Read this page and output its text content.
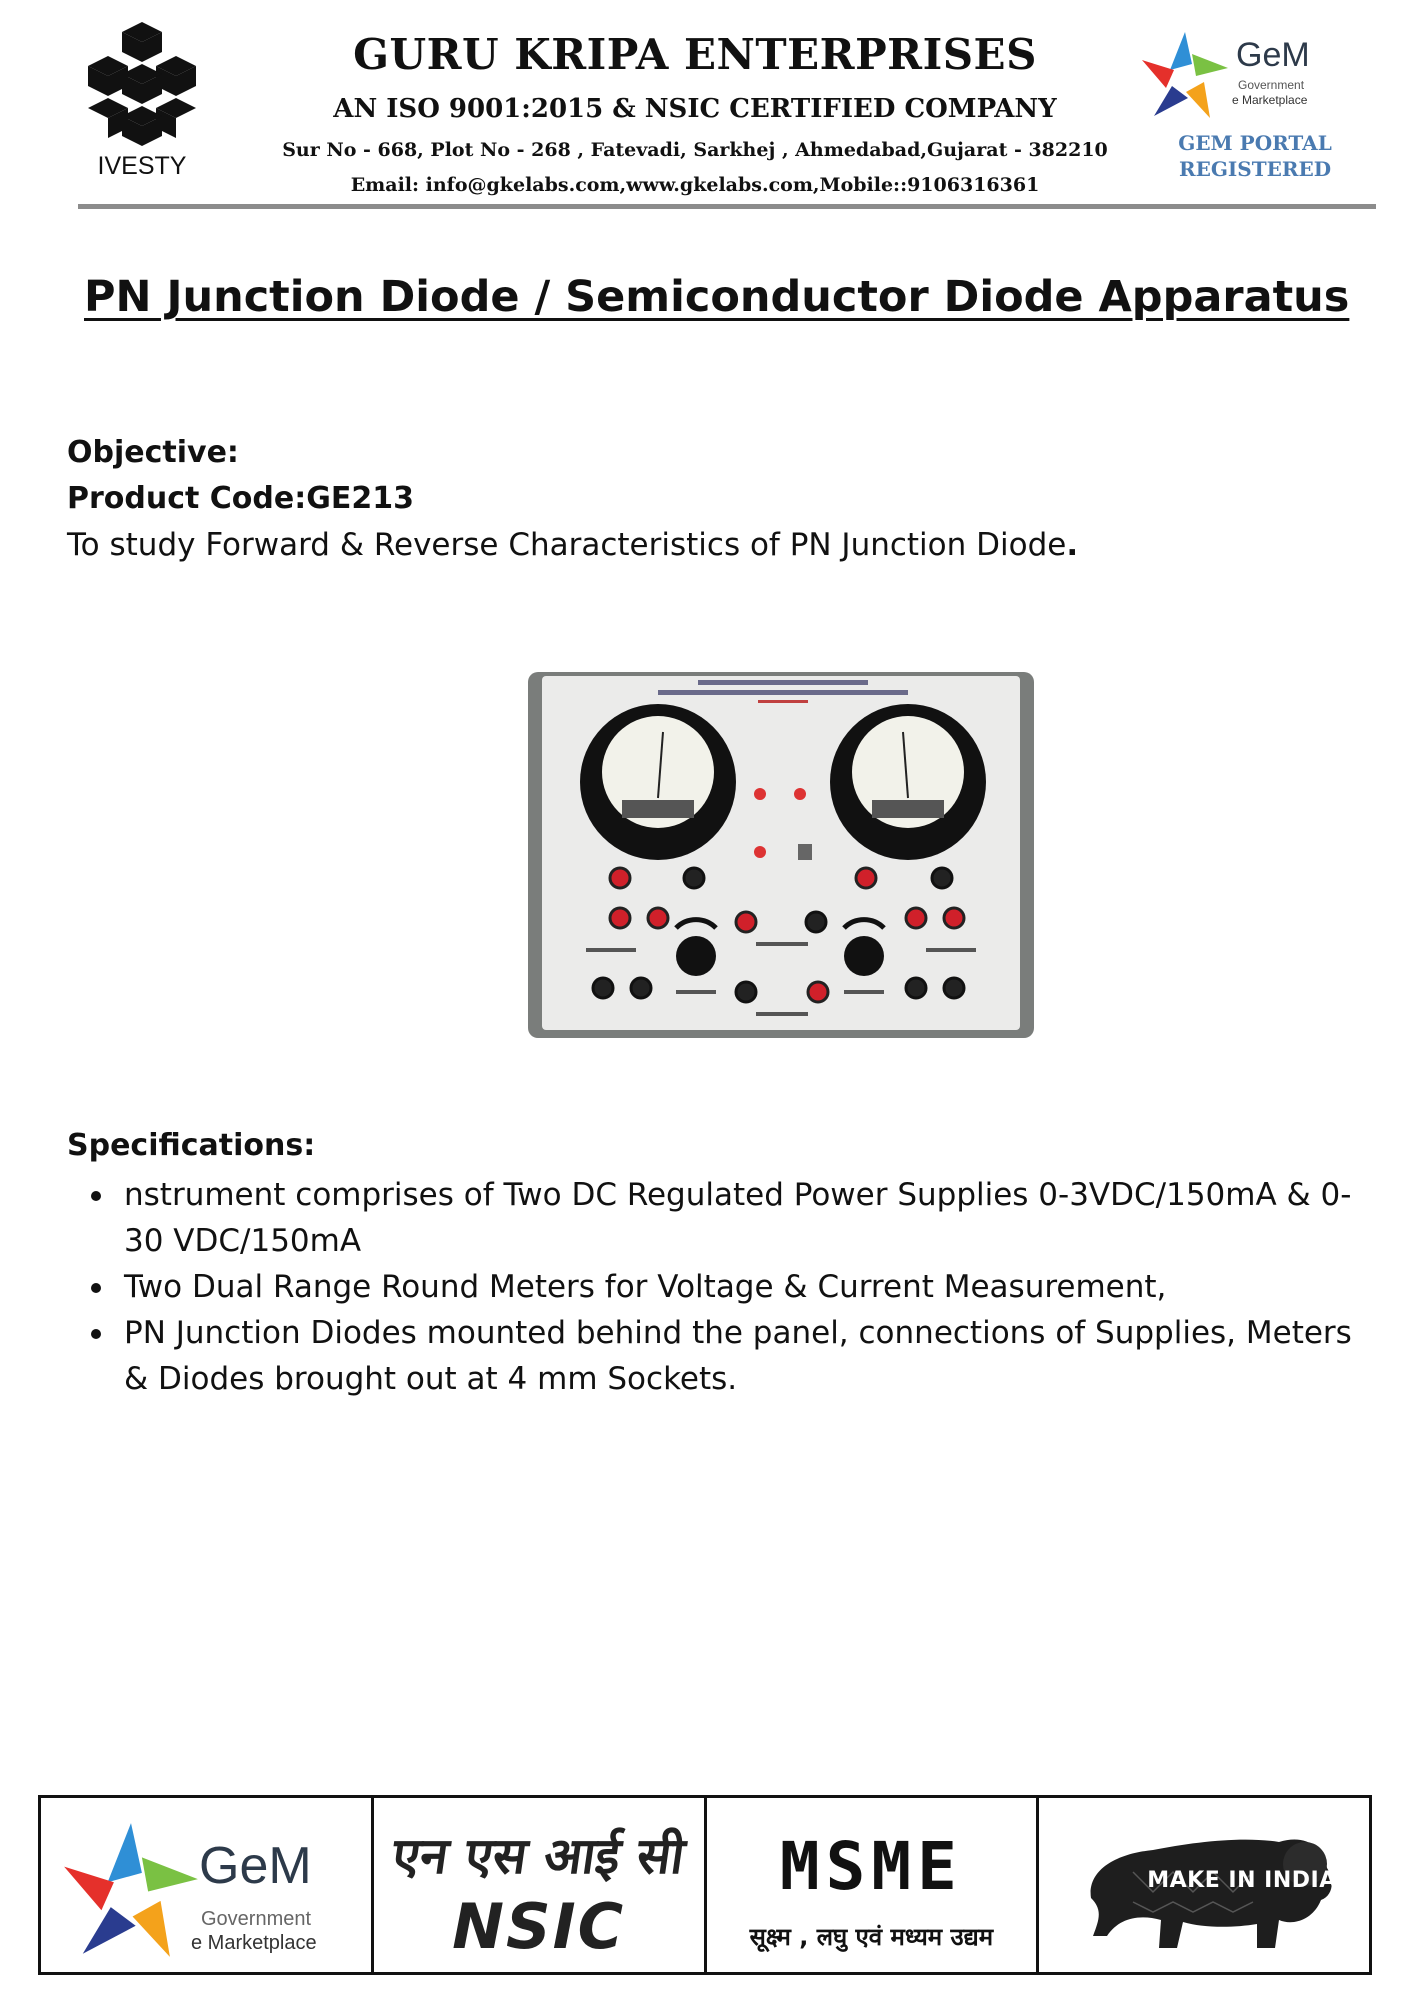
IVESTY
GURU KRIPA ENTERPRISES
AN ISO 9001:2015 & NSIC CERTIFIED COMPANY
Sur No - 668, Plot No - 268 , Fatevadi, Sarkhej , Ahmedabad,Gujarat - 382210
Email: info@gkelabs.com,www.gkelabs.com,Mobile::9106316361
GeM
Government
e Marketplace
GEM PORTAL
REGISTERED
PN Junction Diode / Semiconductor Diode Apparatus
Objective:
Product Code:GE213
To study Forward & Reverse Characteristics of PN Junction Diode.
Specifications:
nstrument comprises of Two DC Regulated Power Supplies 0-3VDC/150mA & 0-30 VDC/150mA
Two Dual Range Round Meters for Voltage & Current Measurement,
PN Junction Diodes mounted behind the panel, connections of Supplies, Meters & Diodes brought out at 4 mm Sockets.
GeM
Government
e Marketplace
एन एस आई सी
NSIC
MSME
सूक्ष्म , लघु एवं मध्यम उद्यम
MAKE IN INDIA
